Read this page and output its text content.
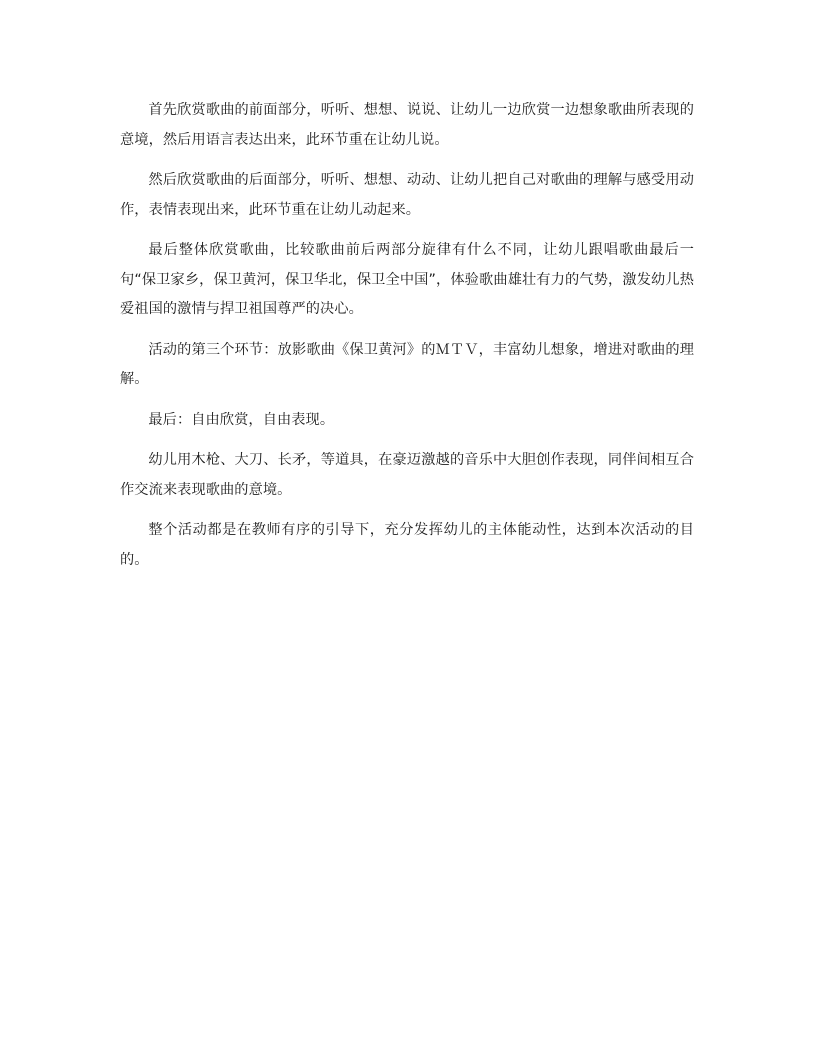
首先欣赏歌曲的前面部分，听听、想想、说说、让幼儿一边欣赏一边想象歌曲所表现的意境，然后用语言表达出来，此环节重在让幼儿说。

然后欣赏歌曲的后面部分，听听、想想、动动、让幼儿把自己对歌曲的理解与感受用动作，表情表现出来，此环节重在让幼儿动起来。

最后整体欣赏歌曲，比较歌曲前后两部分旋律有什么不同，让幼儿跟唱歌曲最后一句“保卫家乡，保卫黄河，保卫华北，保卫全中国”，体验歌曲雄壮有力的气势，激发幼儿热爱祖国的激情与捍卫祖国尊严的决心。

活动的第三个环节：放影歌曲《保卫黄河》的ＭＴＶ，丰富幼儿想象，增进对歌曲的理解。

最后：自由欣赏，自由表现。

幼儿用木枪、大刀、长矛，等道具，在豪迈激越的音乐中大胆创作表现，同伴间相互合作交流来表现歌曲的意境。

整个活动都是在教师有序的引导下，充分发挥幼儿的主体能动性，达到本次活动的目的。
